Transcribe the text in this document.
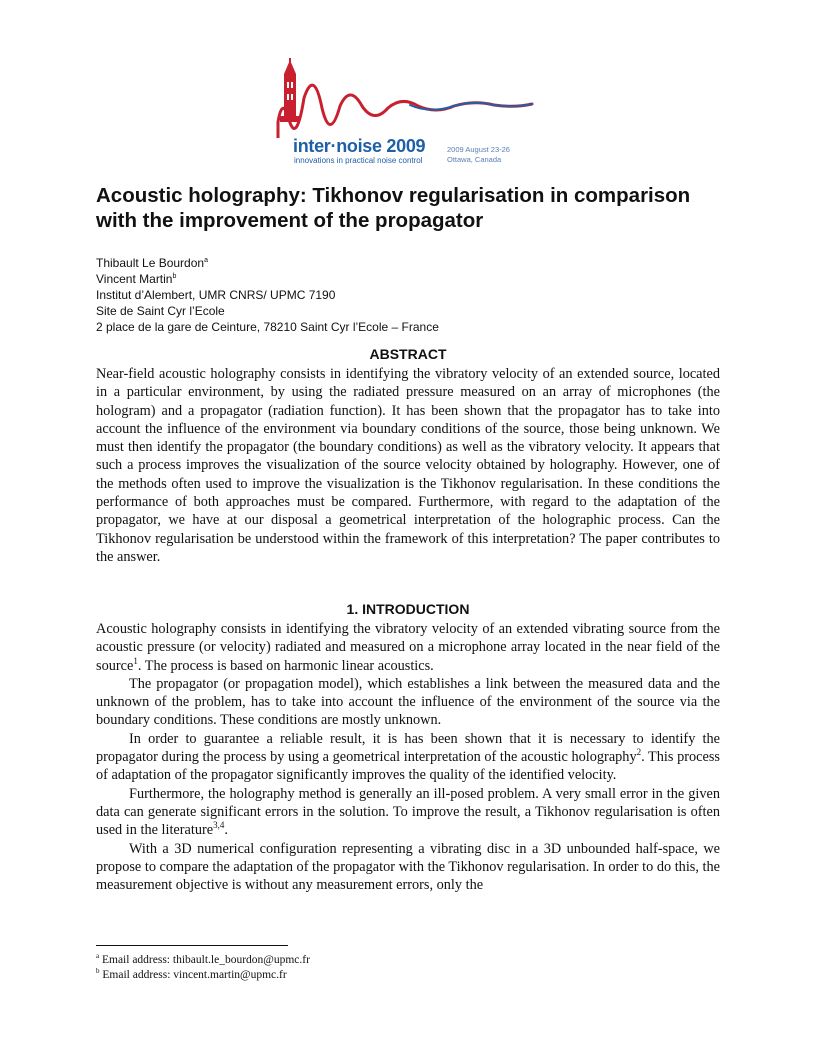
inter·noise 2009
innovations in practical noise control
2009 August 23-26
Ottawa, Canada
Acoustic holography: Tikhonov regularisation in comparison with the improvement of the propagator
Thibault Le Bourdon$^a$
Vincent Martin$^b$
Institut d’Alembert, UMR CNRS/ UPMC 7190
Site de Saint Cyr l’Ecole
2 place de la gare de Ceinture, 78210 Saint Cyr l’Ecole – France
ABSTRACT

Near-field acoustic holography consists in identifying the vibratory velocity of an extended source, located in a particular environment, by using the radiated pressure measured on an array of microphones (the hologram) and a propagator (radiation function). It has been shown that the propagator has to take into account the influence of the environment via boundary conditions of the source, those being unknown. We must then identify the propagator (the boundary conditions) as well as the vibratory velocity. It appears that such a process improves the visualization of the source velocity obtained by holography. However, one of the methods often used to improve the visualization is the Tikhonov regularisation. In these conditions the performance of both approaches must be compared. Furthermore, with regard to the adaptation of the propagator, we have at our disposal a geometrical interpretation of the holographic process. Can the Tikhonov regularisation be understood within the framework of this interpretation? The paper contributes to the answer.

1. INTRODUCTION

Acoustic holography consists in identifying the vibratory velocity of an extended vibrating source from the acoustic pressure (or velocity) radiated and measured on a microphone array located in the near field of the source$^1$. The process is based on harmonic linear acoustics.

The propagator (or propagation model), which establishes a link between the measured data and the unknown of the problem, has to take into account the influence of the environment of the source via the boundary conditions. These conditions are mostly unknown.

In order to guarantee a reliable result, it is has been shown that it is necessary to identify the propagator during the process by using a geometrical interpretation of the acoustic holography$^2$. This process of adaptation of the propagator significantly improves the quality of the identified velocity.

Furthermore, the holography method is generally an ill-posed problem. A very small error in the given data can generate significant errors in the solution. To improve the result, a Tikhonov regularisation is often used in the literature$^{3,4}$.

With a 3D numerical configuration representing a vibrating disc in a 3D unbounded half-space, we propose to compare the adaptation of the propagator with the Tikhonov regularisation. In order to do this, the measurement objective is without any measurement errors, only the

$^a$ Email address: thibault.le_bourdon@upmc.fr
$^b$ Email address: vincent.martin@upmc.fr
